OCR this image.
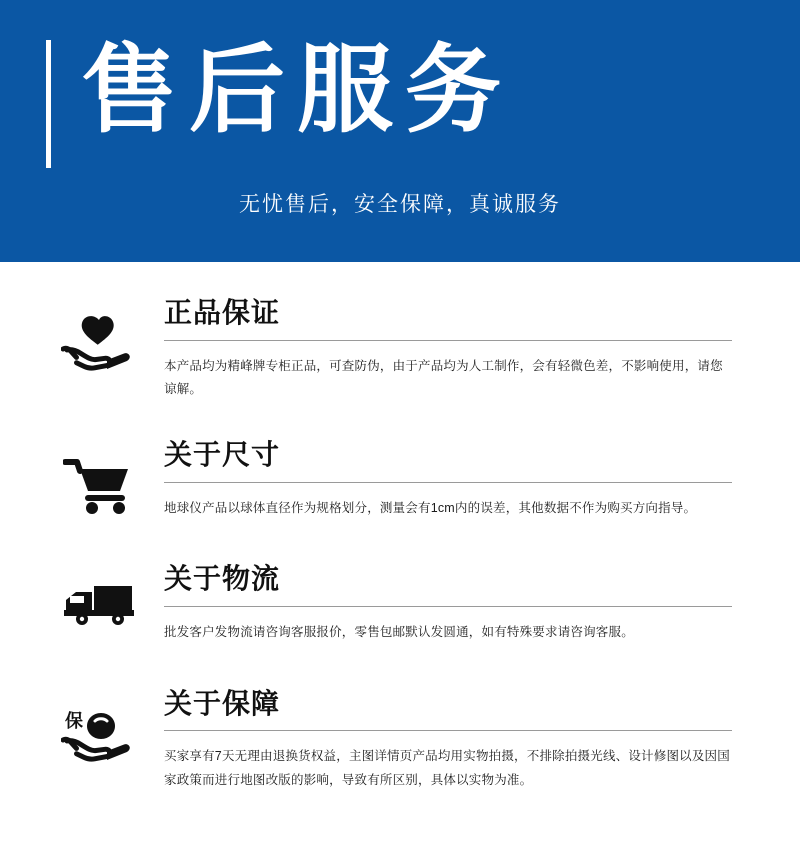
售后服务
无忧售后，安全保障，真诚服务
正品保证

本产品均为精峰牌专柜正品，可查防伪，由于产品均为人工制作，会有轻微色差，不影响使用，请您谅解。

关于尺寸

地球仪产品以球体直径作为规格划分，测量会有1cm内的误差，其他数据不作为购买方向指导。

关于物流

批发客户发物流请咨询客服报价，零售包邮默认发圆通，如有特殊要求请咨询客服。

保
关于保障

买家享有7天无理由退换货权益，主图详情页产品均用实物拍摄，不排除拍摄光线、设计修图以及因国家政策而进行地图改版的影响，导致有所区别，具体以实物为准。
